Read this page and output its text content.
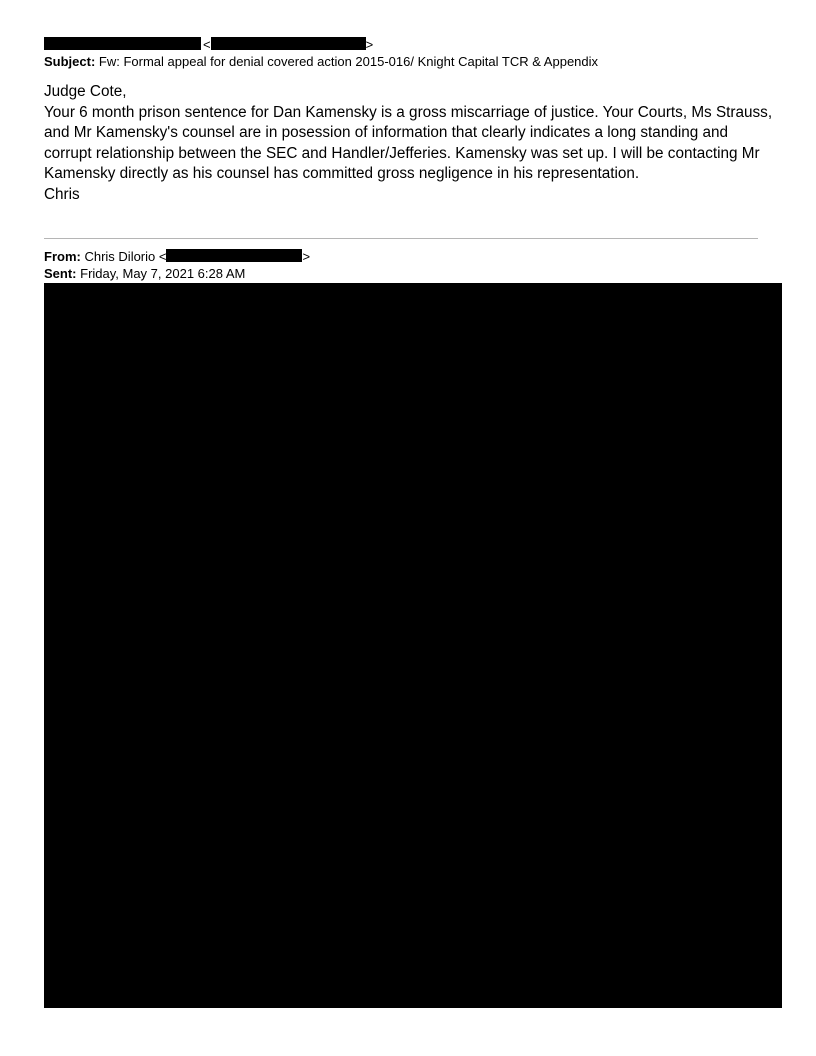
<	>
Subject: Fw: Formal appeal for denial covered action 2015-016/ Knight Capital TCR & Appendix

Judge Cote,

Your 6 month prison sentence for Dan Kamensky is a gross miscarriage of justice. Your Courts, Ms Strauss, and Mr Kamensky's counsel are in posession of information that clearly indicates a long standing and corrupt relationship between the SEC and Handler/Jefferies. Kamensky was set up. I will be contacting Mr Kamensky directly as his counsel has committed gross negligence in his representation.

Chris

From: Chris Dilorio <	>
Sent: Friday, May 7, 2021 6:28 AM
